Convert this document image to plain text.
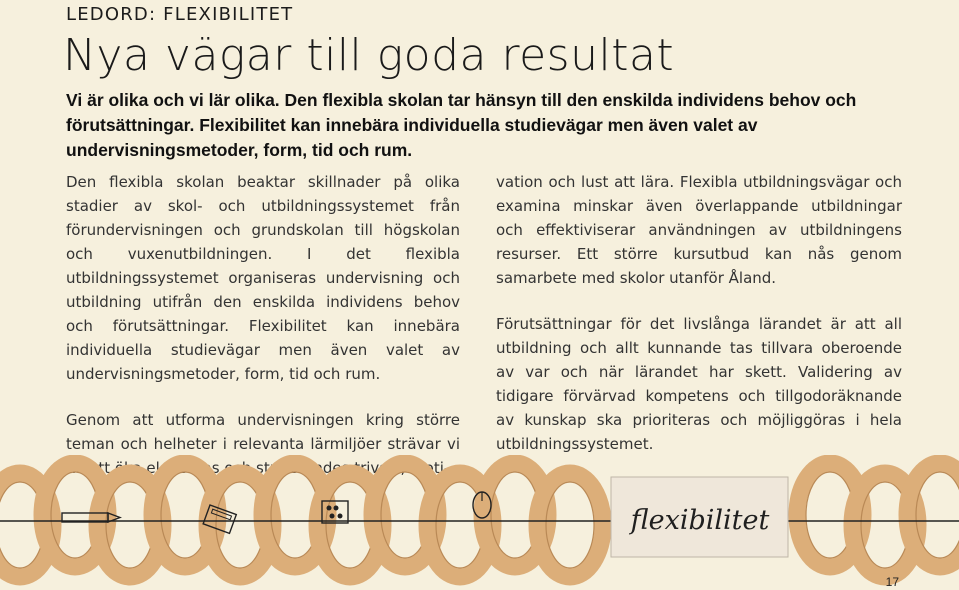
LEDORD: FLEXIBILITET
Nya vägar till goda resultat
Vi är olika och vi lär olika. Den flexibla skolan tar hänsyn till den enskilda individens behov och förutsättningar. Flexibilitet kan innebära individuella studievägar men även valet av undervisningsmetoder, form, tid och rum.

Den flexibla skolan beaktar skillnader på olika stadier av skol- och utbildningssystemet från förundervisningen och grundskolan till högskolan och vuxenutbildningen. I det flexibla utbildningssystemet organiseras undervisning och utbildning utifrån den enskilda individens behov och förutsättningar. Flexibilitet kan innebära individuella studievägar men även valet av undervisningsmetoder, form, tid och rum.

Genom att utforma undervisningen kring större teman och helheter i relevanta lärmiljöer strävar vi till att öka elevernas och studerandes trivsel, moti-

vation och lust att lära. Flexibla utbildningsvägar och examina minskar även överlappande utbildningar och effektiviserar användningen av utbildningens resurser. Ett större kursutbud kan nås genom samarbete med skolor utanför Åland.

Förutsättningar för det livslånga lärandet är att all utbildning och allt kunnande tas tillvara oberoende av var och när lärandet har skett. Validering av tidigare förvärvad kompetens och tillgodoräknande av kunskap ska prioriteras och möjliggöras i hela utbildningssystemet.

flexibilitet
17
